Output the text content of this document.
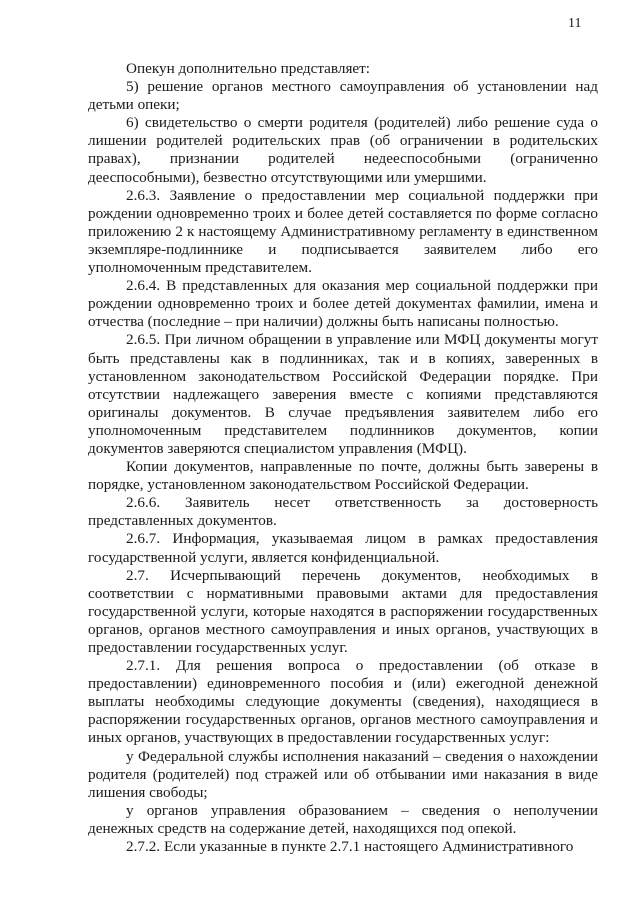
11

Опекун дополнительно представляет:

5) решение органов местного самоуправления об установлении над детьми опеки;

6) свидетельство о смерти родителя (родителей) либо решение суда о лишении родителей родительских прав (об ограничении в родительских правах), признании родителей недееспособными (ограниченно дееспособными), безвестно отсутствующими или умершими.

2.6.3. Заявление о предоставлении мер социальной поддержки при рождении одновременно троих и более детей составляется по форме согласно приложению 2 к настоящему Административному регламенту в единственном экземпляре-подлиннике и подписывается заявителем либо его уполномоченным представителем.

2.6.4. В представленных для оказания мер социальной поддержки при рождении одновременно троих и более детей документах фамилии, имена и отчества (последние – при наличии) должны быть написаны полностью.

2.6.5. При личном обращении в управление или МФЦ документы могут быть представлены как в подлинниках, так и в копиях, заверенных в установленном законодательством Российской Федерации порядке. При отсутствии надлежащего заверения вместе с копиями представляются оригиналы документов. В случае предъявления заявителем либо его уполномоченным представителем подлинников документов, копии документов заверяются специалистом управления (МФЦ).

Копии документов, направленные по почте, должны быть заверены в порядке, установленном законодательством Российской Федерации.

2.6.6. Заявитель несет ответственность за достоверность представленных документов.

2.6.7. Информация, указываемая лицом в рамках предоставления государственной услуги, является конфиденциальной.

2.7. Исчерпывающий перечень документов, необходимых в соответствии с нормативными правовыми актами для предоставления государственной услуги, которые находятся в распоряжении государственных органов, органов местного самоуправления и иных органов, участвующих в предоставлении государственных услуг.

2.7.1. Для решения вопроса о предоставлении (об отказе в предоставлении) единовременного пособия и (или) ежегодной денежной выплаты необходимы следующие документы (сведения), находящиеся в распоряжении государственных органов, органов местного самоуправления и иных органов, участвующих в предоставлении государственных услуг:

у Федеральной службы исполнения наказаний – сведения о нахождении родителя (родителей) под стражей или об отбывании ими наказания в виде лишения свободы;

у органов управления образованием – сведения о неполучении денежных средств на содержание детей, находящихся под опекой.

2.7.2. Если указанные в пункте 2.7.1 настоящего Административного
